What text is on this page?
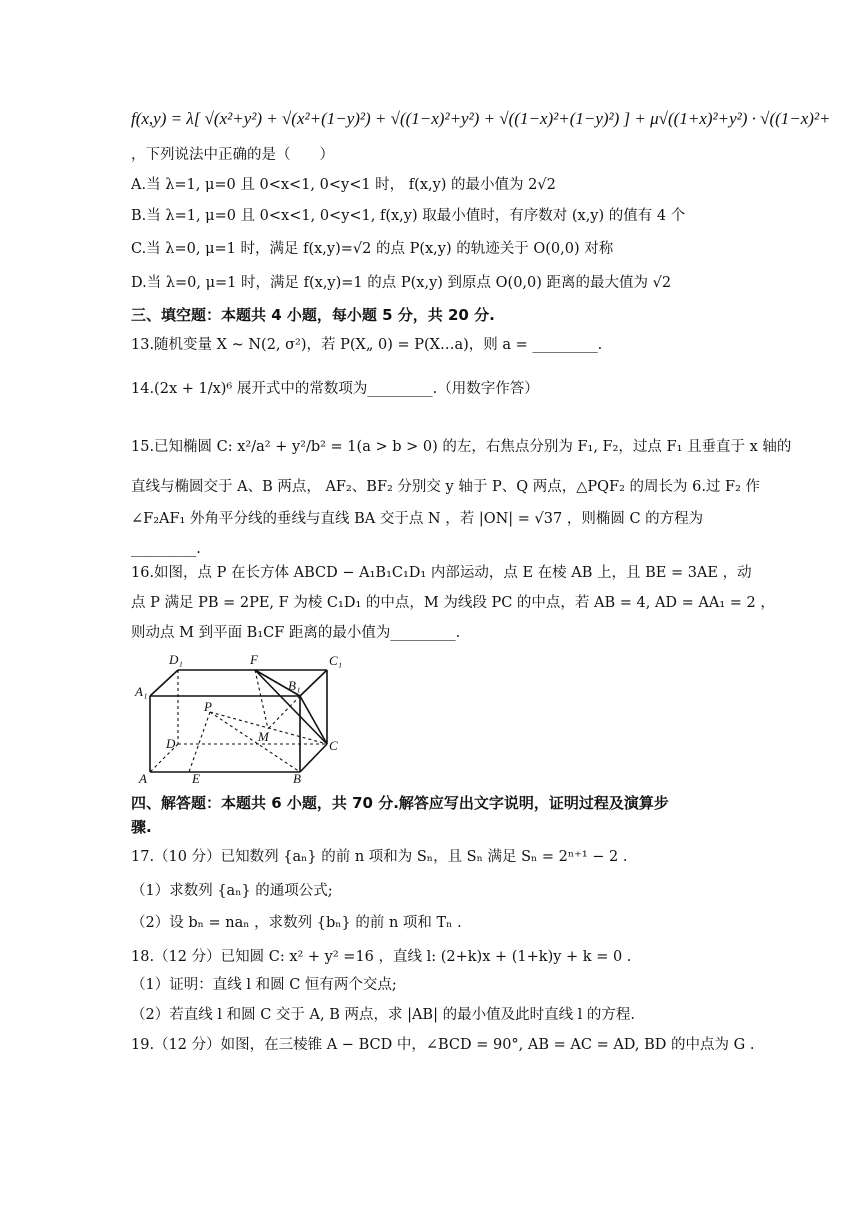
f(x,y) = λ[ √(x²+y²) + √(x²+(1−y)²) + √((1−x)²+y²) + √((1−x)²+(1−y)²) ] + μ√((1+x)²+y²) · √((1−x)²+
，下列说法中正确的是（　　）
A.当 λ=1, μ=0 且 0<x<1, 0<y<1 时， f(x,y) 的最小值为 2√2
B.当 λ=1, μ=0 且 0<x<1, 0<y<1, f(x,y) 取最小值时，有序数对 (x,y) 的值有 4 个
C.当 λ=0, μ=1 时，满足 f(x,y)=√2 的点 P(x,y) 的轨迹关于 O(0,0) 对称
D.当 λ=0, μ=1 时，满足 f(x,y)=1 的点 P(x,y) 到原点 O(0,0) 距离的最大值为 √2
三、填空题：本题共 4 小题，每小题 5 分，共 20 分.
13.随机变量 X ~ N(2, σ²)，若 P(X„ 0) = P(X…a)，则 a = _________.
14.(2x + 1/x)⁶ 展开式中的常数项为_________.（用数字作答）
15.已知椭圆 C: x²/a² + y²/b² = 1(a > b > 0) 的左，右焦点分别为 F₁, F₂，过点 F₁ 且垂直于 x 轴的
直线与椭圆交于 A、B 两点， AF₂、BF₂ 分别交 y 轴于 P、Q 两点，△PQF₂ 的周长为 6.过 F₂ 作
∠F₂AF₁ 外角平分线的垂线与直线 BA 交于点 N ，若 |ON| = √37 ，则椭圆 C 的方程为
_________.
16.如图，点 P 在长方体 ABCD − A₁B₁C₁D₁ 内部运动，点 E 在棱 AB 上，且 BE = 3AE ，动
点 P 满足 PB = 2PE, F 为棱 C₁D₁ 的中点，M 为线段 PC 的中点，若 AB = 4, AD = AA₁ = 2 ，
则动点 M 到平面 B₁CF 距离的最小值为_________.
D₁	F	C₁
A₁	B₁
P
M
D	C
A	E	B
四、解答题：本题共 6 小题，共 70 分.解答应写出文字说明，证明过程及演算步
骤.
17.（10 分）已知数列 {aₙ} 的前 n 项和为 Sₙ，且 Sₙ 满足 Sₙ = 2ⁿ⁺¹ − 2 .
（1）求数列 {aₙ} 的通项公式;
（2）设 bₙ = naₙ ，求数列 {bₙ} 的前 n 项和 Tₙ .
18.（12 分）已知圆 C: x² + y² =16 ，直线 l: (2+k)x + (1+k)y + k = 0 .
（1）证明：直线 l 和圆 C 恒有两个交点;
（2）若直线 l 和圆 C 交于 A, B 两点，求 |AB| 的最小值及此时直线 l 的方程.
19.（12 分）如图，在三棱锥 A − BCD 中，∠BCD = 90°, AB = AC = AD, BD 的中点为 G .
